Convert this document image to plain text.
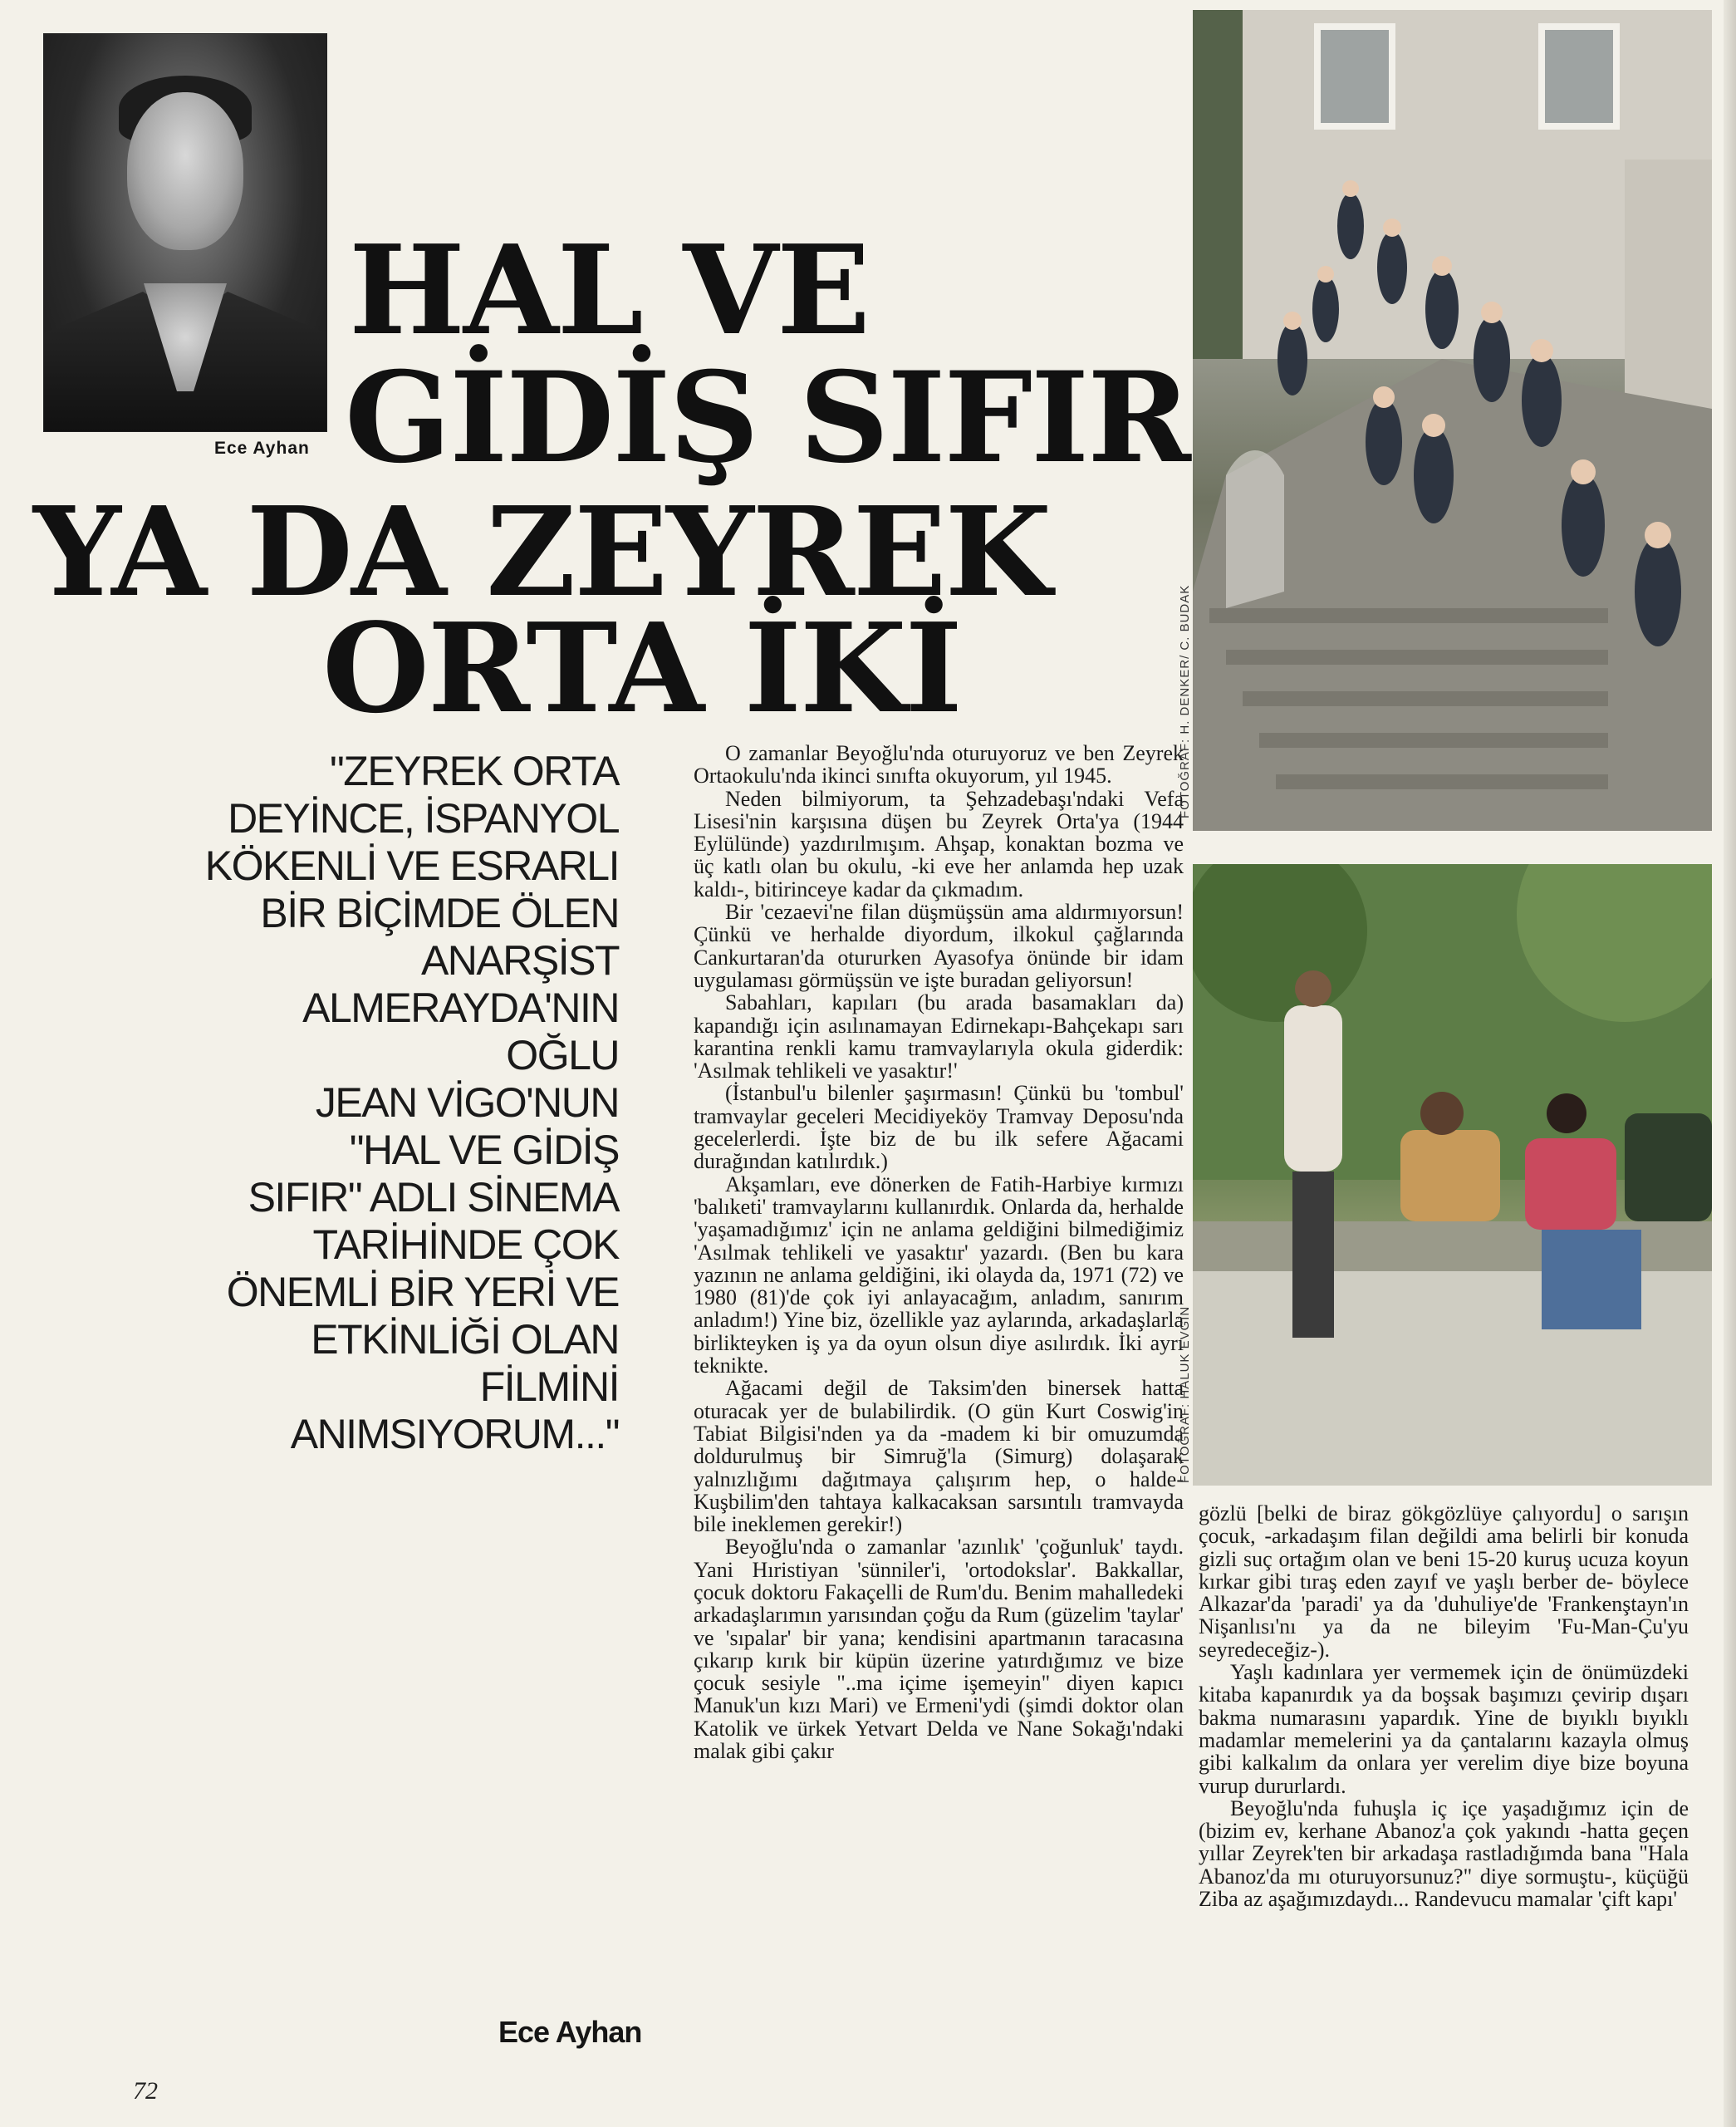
Ece Ayhan
HAL VE
GİDİŞ SIFIR
YA DA ZEYREK
ORTA İKİ
"ZEYREK ORTA
DEYİNCE, İSPANYOL
KÖKENLİ VE ESRARLI
BİR BİÇİMDE ÖLEN
ANARŞİST
ALMERAYDA'NIN
OĞLU
JEAN VİGO'NUN
"HAL VE GİDİŞ
SIFIR" ADLI SİNEMA
TARİHİNDE ÇOK
ÖNEMLİ BİR YERİ VE
ETKİNLİĞİ OLAN
FİLMİNİ
ANIMSIYORUM..."
Ece Ayhan

O zamanlar Beyoğlu'nda oturuyoruz ve ben Zeyrek Ortaokulu'nda ikinci sınıfta okuyorum, yıl 1945.

Neden bilmiyorum, ta Şehzadebaşı'ndaki Vefa Lisesi'nin karşısına düşen bu Zeyrek Orta'ya (1944 Eylülünde) yazdırılmışım. Ahşap, konaktan bozma ve üç katlı olan bu okulu, -ki eve her anlamda hep uzak kaldı-, bitirinceye kadar da çıkmadım.

Bir 'cezaevi'ne filan düşmüşsün ama aldırmıyorsun! Çünkü ve herhalde diyordum, ilkokul çağlarında Cankurtaran'da otururken Ayasofya önünde bir idam uygulaması görmüşsün ve işte buradan geliyorsun!

Sabahları, kapıları (bu arada basamakları da) kapandığı için asılınamayan Edirnekapı-Bahçekapı sarı karantina renkli kamu tramvaylarıyla okula giderdik: 'Asılmak tehlikeli ve yasaktır!'

(İstanbul'u bilenler şaşırmasın! Çünkü bu 'tombul' tramvaylar geceleri Mecidiyeköy Tramvay Deposu'nda gecelerlerdi. İşte biz de bu ilk sefere Ağacami durağından katılırdık.)

Akşamları, eve dönerken de Fatih-Harbiye kırmızı 'balıketi' tramvaylarını kullanırdık. Onlarda da, herhalde 'yaşamadığımız' için ne anlama geldiğini bilmediğimiz 'Asılmak tehlikeli ve yasaktır' yazardı. (Ben bu kara yazının ne anlama geldiğini, iki olayda da, 1971 (72) ve 1980 (81)'de çok iyi anlayacağım, anladım, sanırım anladım!) Yine biz, özellikle yaz aylarında, arkadaşlarla birlikteyken iş ya da oyun olsun diye asılırdık. İki ayrı teknikte.

Ağacami değil de Taksim'den binersek hatta oturacak yer de bulabilirdik. (O gün Kurt Coswig'in Tabiat Bilgisi'nden ya da -madem ki bir omuzumda doldurulmuş bir Simruğ'la (Simurg) dolaşarak yalnızlığımı dağıtmaya çalışırım hep, o halde- Kuşbilim'den tahtaya kalkacaksan sarsıntılı tramvayda bile ineklemen gerekir!)

Beyoğlu'nda o zamanlar 'azınlık' 'çoğunluk' taydı. Yani Hıristiyan 'sünniler'i, 'ortodokslar'. Bakkallar, çocuk doktoru Fakaçelli de Rum'du. Benim mahalledeki arkadaşlarımın yarısından çoğu da Rum (güzelim 'taylar' ve 'sıpalar' bir yana; kendisini apartmanın taracasına çıkarıp kırık bir küpün üzerine yatırdığımız ve bize çocuk sesiyle "..ma içime işemeyin" diyen kapıcı Manuk'un kızı Mari) ve Ermeni'ydi (şimdi doktor olan Katolik ve ürkek Yetvart Delda ve Nane Sokağı'ndaki malak gibi çakır

FOTOĞRAF: H. DENKER/ C. BUDAK
FOTOĞRAF: HALUK EVGİN

gözlü [belki de biraz gökgözlüye çalıyordu] o sarışın çocuk, -arkadaşım filan değildi ama belirli bir konuda gizli suç ortağım olan ve beni 15-20 kuruş ucuza koyun kırkar gibi tıraş eden zayıf ve yaşlı berber de- böylece Alkazar'da 'paradi' ya da 'duhuliye'de 'Frankenştayn'ın Nişanlısı'nı ya da ne bileyim 'Fu-Man-Çu'yu seyredeceğiz-).

Yaşlı kadınlara yer vermemek için de önümüzdeki kitaba kapanırdık ya da boşsak başımızı çevirip dışarı bakma numarasını yapardık. Yine de bıyıklı bıyıklı madamlar memelerini ya da çantalarını kazayla olmuş gibi kalkalım da onlara yer verelim diye bize boyuna vurup dururlardı.

Beyoğlu'nda fuhuşla iç içe yaşadığımız için de (bizim ev, kerhane Abanoz'a çok yakındı -hatta geçen yıllar Zeyrek'ten bir arkadaşa rastladığımda bana "Hala Abanoz'da mı oturuyorsunuz?" diye sormuştu-, küçüğü Ziba az aşağımızdaydı... Randevucu mamalar 'çift kapı'

72
